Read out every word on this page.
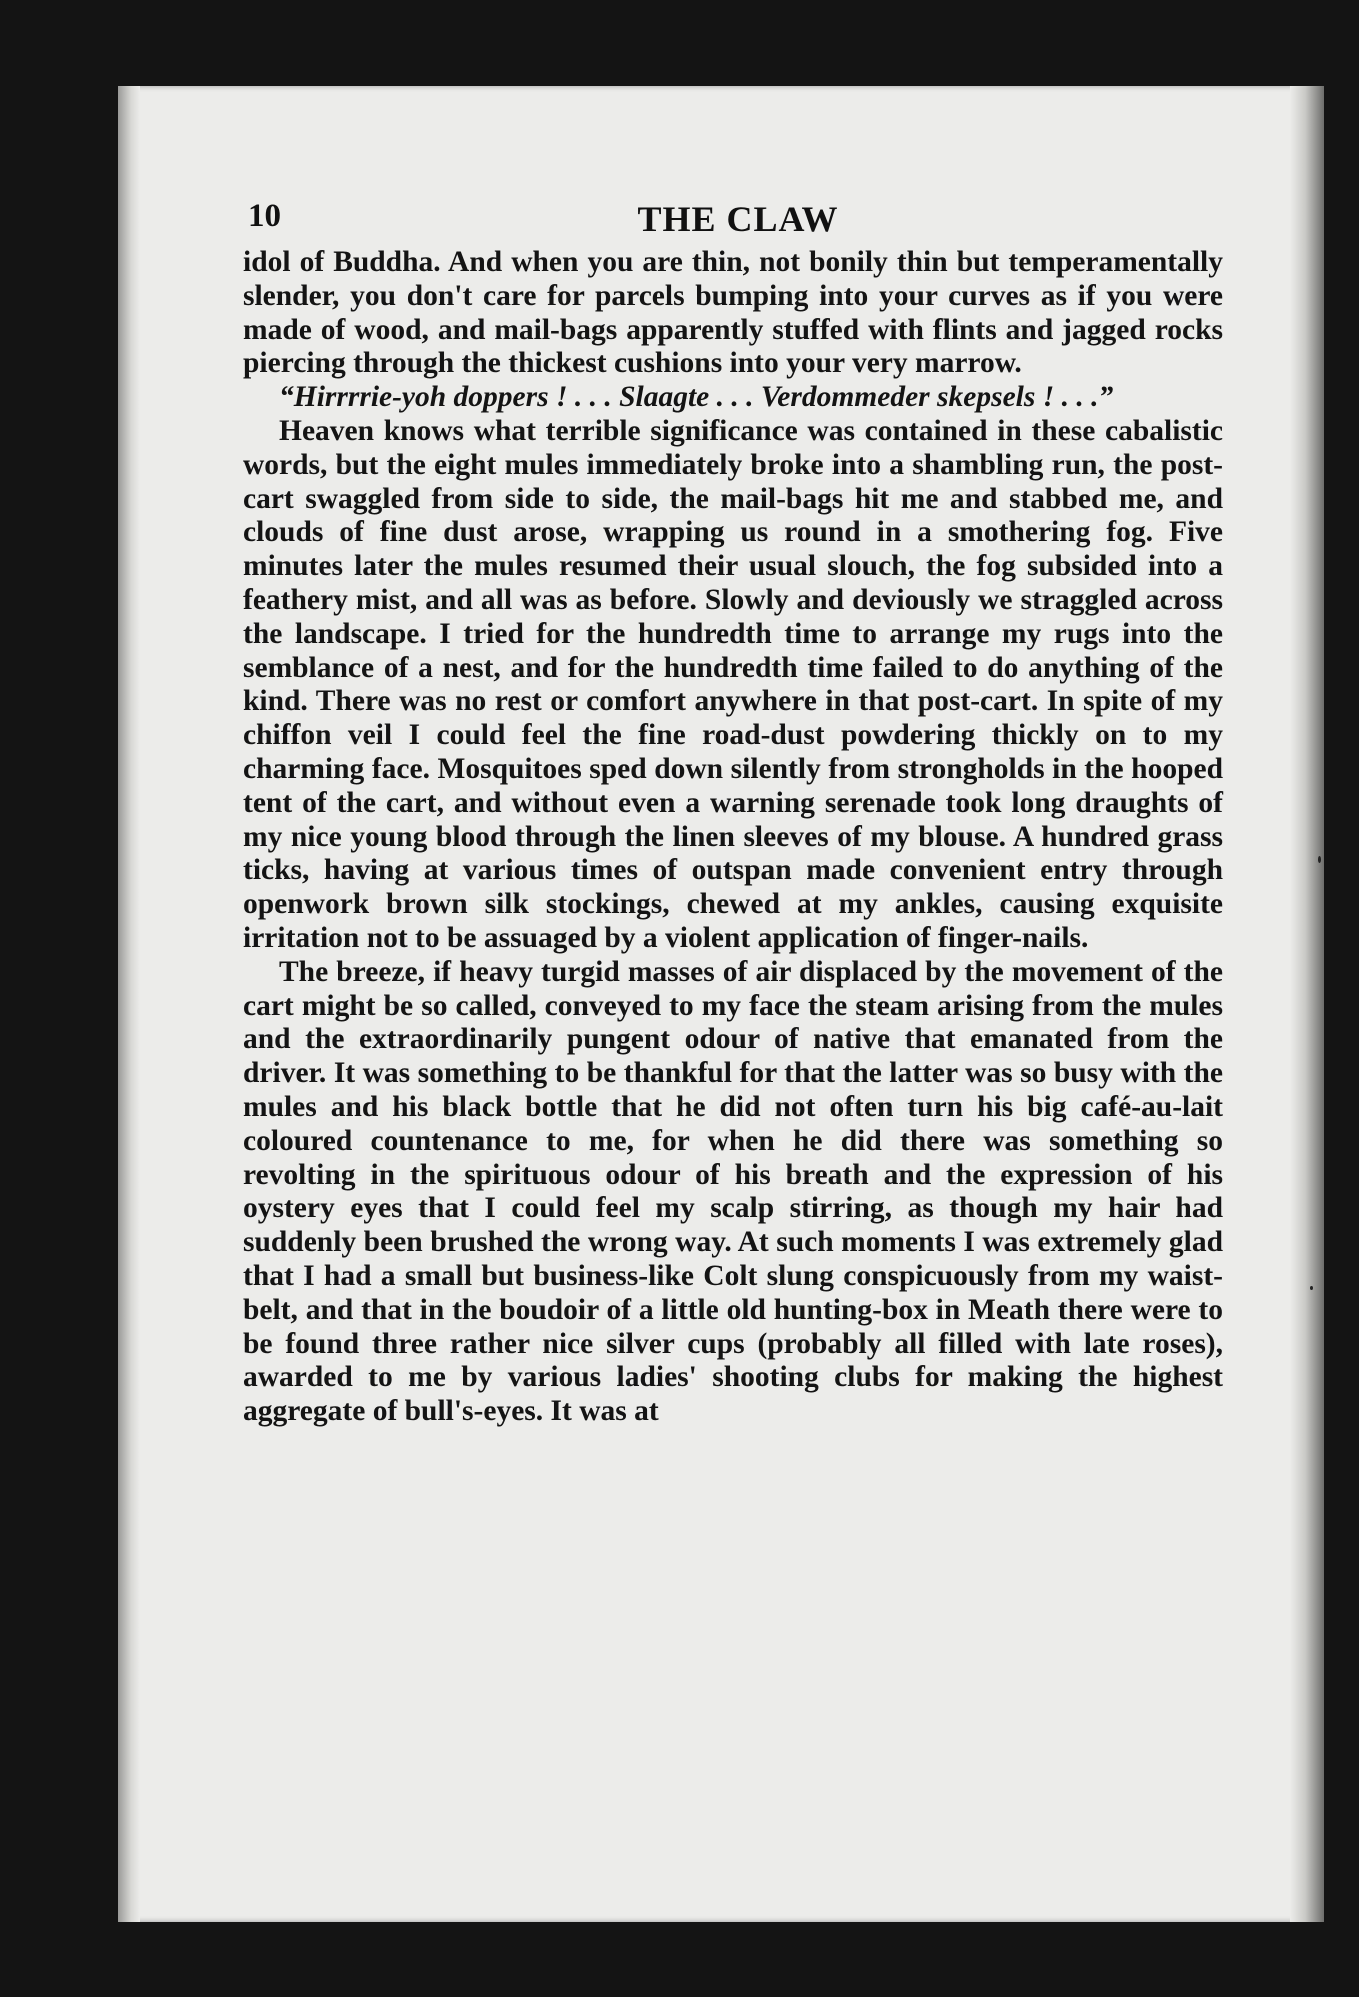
10	THE CLAW

idol of Buddha. And when you are thin, not bonily thin but temperamentally slender, you don't care for parcels bumping into your curves as if you were made of wood, and mail-bags apparently stuffed with flints and jagged rocks piercing through the thickest cushions into your very marrow.

“Hirrrrie-yoh doppers ! . . . Slaagte . . . Verdommeder skepsels ! . . .”

Heaven knows what terrible significance was contained in these cabalistic words, but the eight mules immediately broke into a shambling run, the post-cart swaggled from side to side, the mail-bags hit me and stabbed me, and clouds of fine dust arose, wrapping us round in a smothering fog. Five minutes later the mules resumed their usual slouch, the fog subsided into a feathery mist, and all was as before. Slowly and deviously we straggled across the landscape. I tried for the hundredth time to arrange my rugs into the semblance of a nest, and for the hundredth time failed to do anything of the kind. There was no rest or comfort anywhere in that post-cart. In spite of my chiffon veil I could feel the fine road-dust powdering thickly on to my charming face. Mosquitoes sped down silently from strongholds in the hooped tent of the cart, and without even a warning serenade took long draughts of my nice young blood through the linen sleeves of my blouse. A hundred grass ticks, having at various times of outspan made convenient entry through openwork brown silk stockings, chewed at my ankles, causing exquisite irritation not to be assuaged by a violent application of finger-nails.

The breeze, if heavy turgid masses of air displaced by the movement of the cart might be so called, conveyed to my face the steam arising from the mules and the extraordinarily pungent odour of native that emanated from the driver. It was something to be thankful for that the latter was so busy with the mules and his black bottle that he did not often turn his big café-au-lait coloured countenance to me, for when he did there was something so revolting in the spirituous odour of his breath and the expression of his oystery eyes that I could feel my scalp stirring, as though my hair had suddenly been brushed the wrong way. At such moments I was extremely glad that I had a small but business-like Colt slung conspicuously from my waist-belt, and that in the boudoir of a little old hunting-box in Meath there were to be found three rather nice silver cups (probably all filled with late roses), awarded to me by various ladies' shooting clubs for making the highest aggregate of bull's-eyes. It was at
